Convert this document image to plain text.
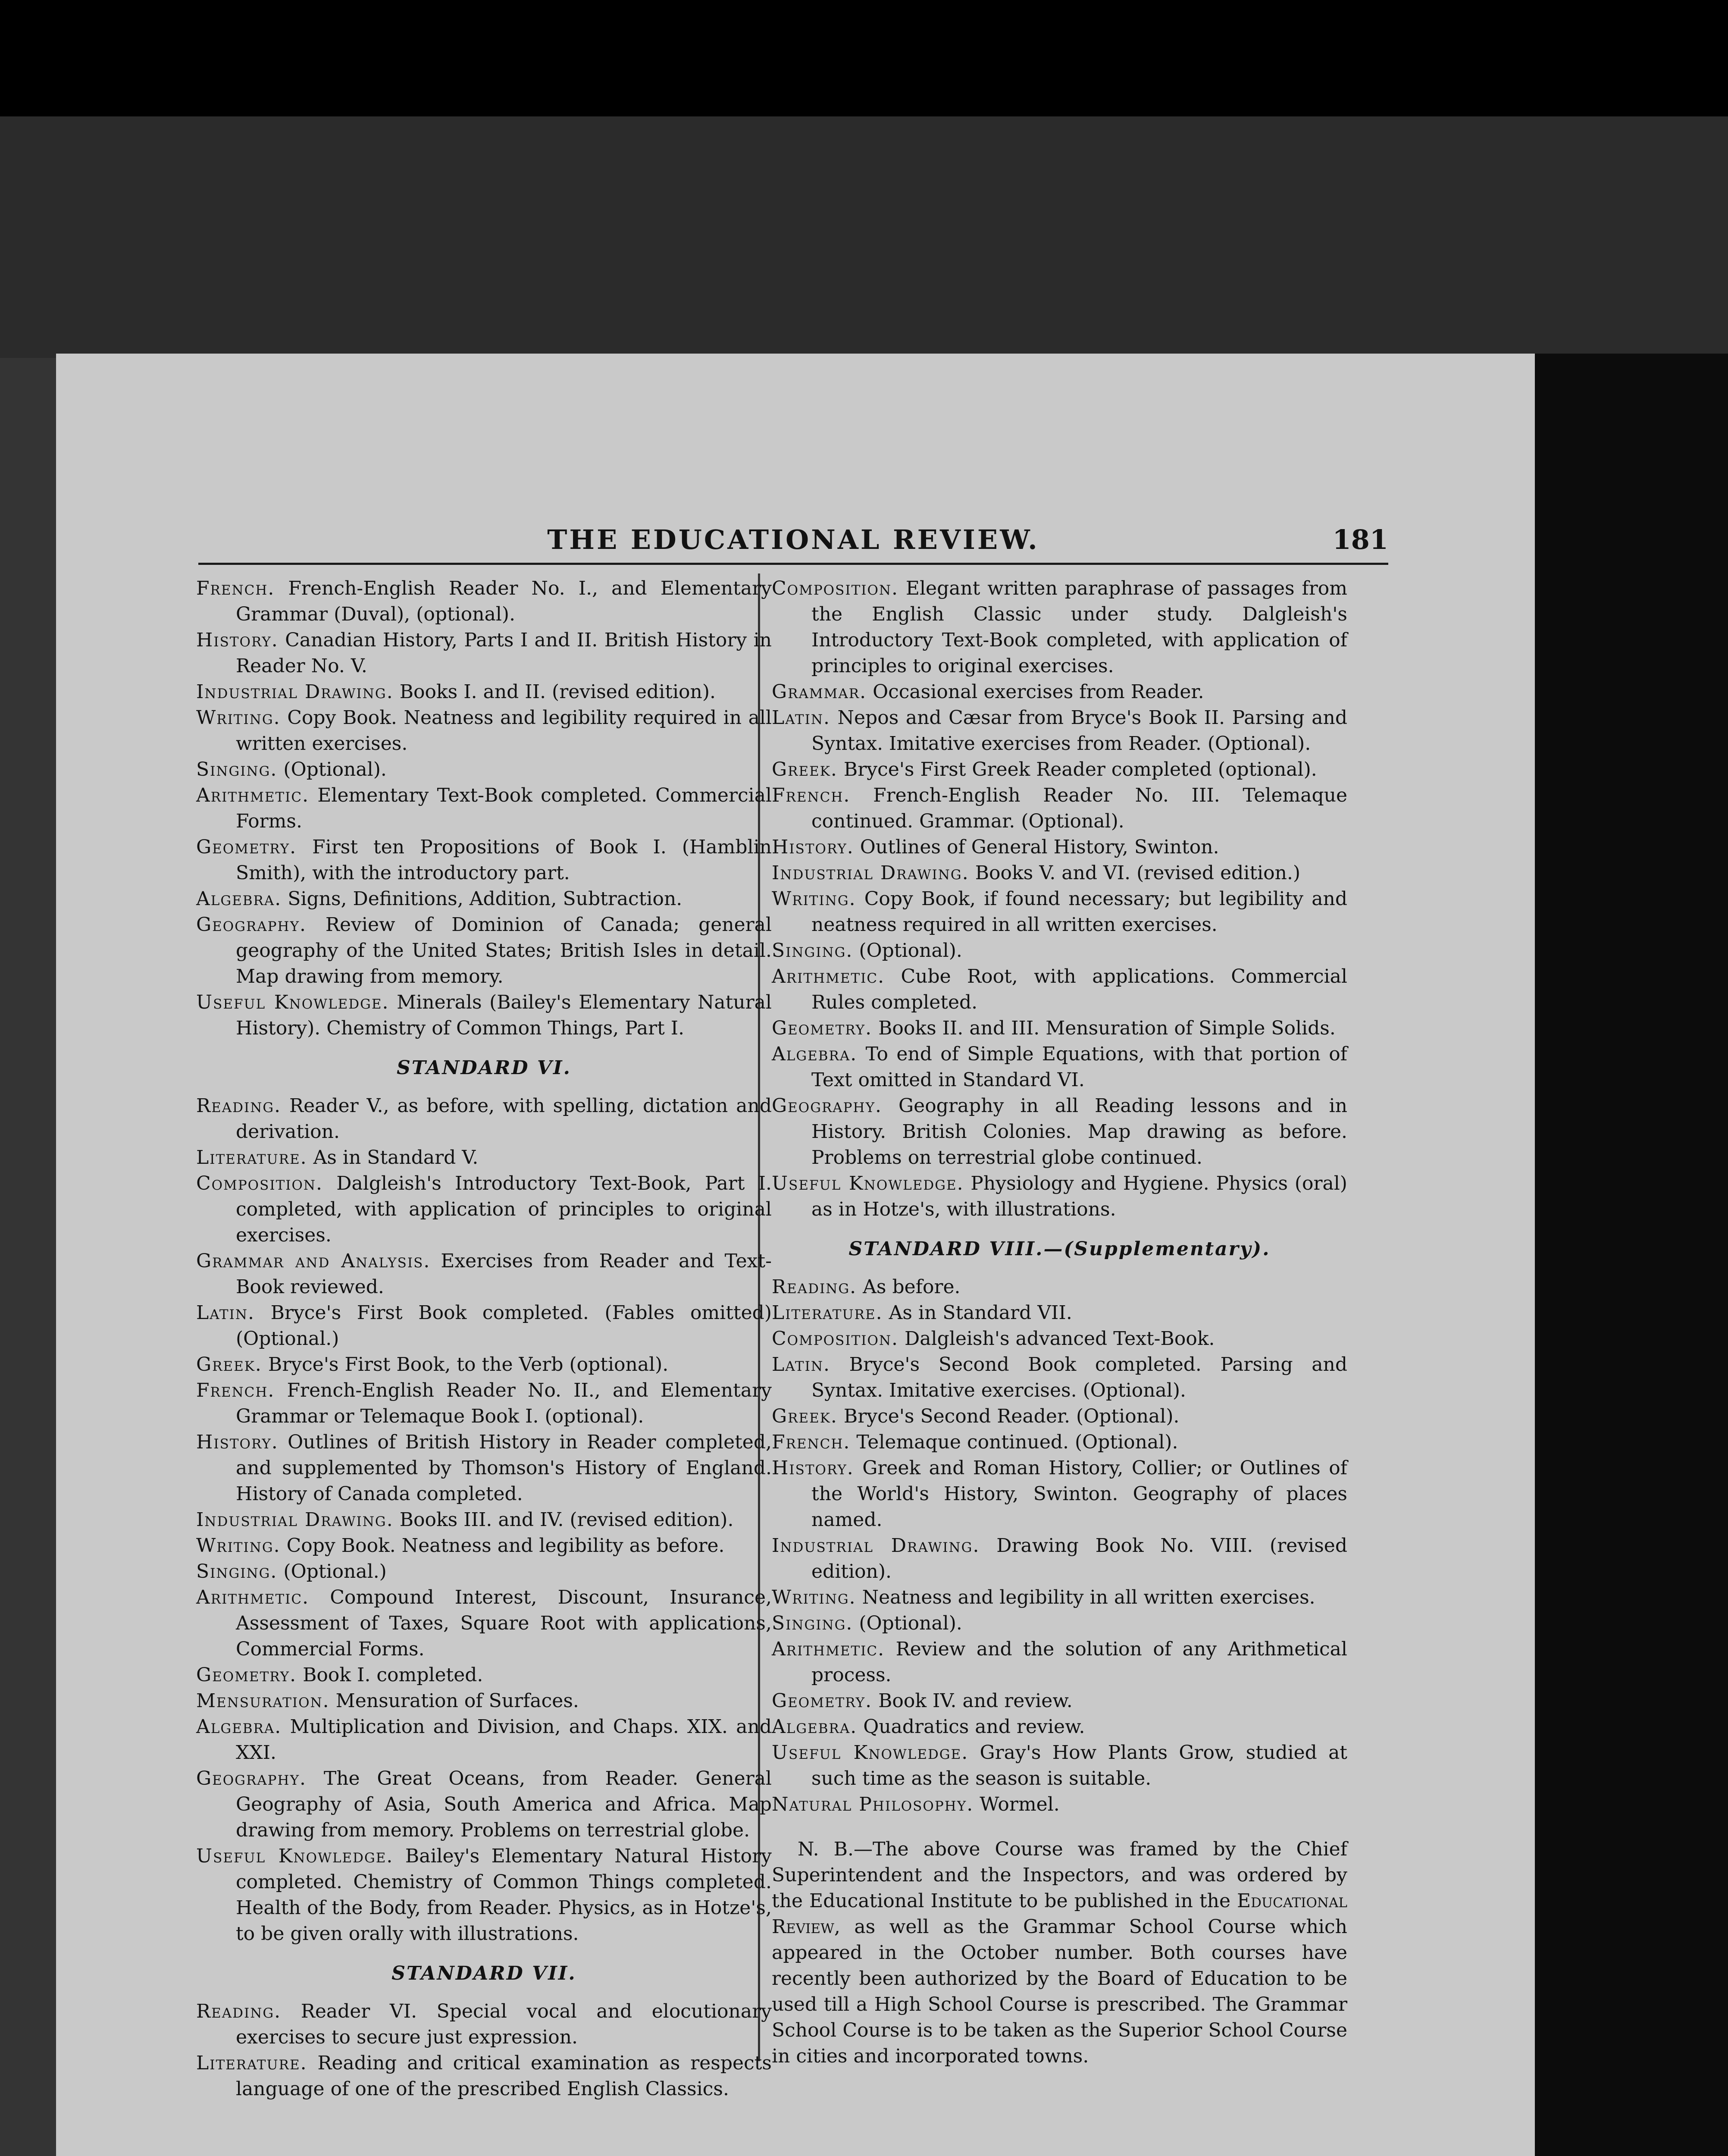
THE EDUCATIONAL REVIEW.	181

French. French-English Reader No. I., and Elementary Grammar (Duval), (optional).

History. Canadian History, Parts I and II. British History in Reader No. V.

Industrial Drawing. Books I. and II. (revised edition).

Writing. Copy Book. Neatness and legibility required in all written exercises.

Singing. (Optional).

Arithmetic. Elementary Text-Book completed. Commercial Forms.

Geometry. First ten Propositions of Book I. (Hamblin Smith), with the introductory part.

Algebra. Signs, Definitions, Addition, Subtraction.

Geography. Review of Dominion of Canada; general geography of the United States; British Isles in detail. Map drawing from memory.

Useful Knowledge. Minerals (Bailey's Elementary Natural History). Chemistry of Common Things, Part I.

STANDARD VI.

Reading. Reader V., as before, with spelling, dictation and derivation.

Literature. As in Standard V.

Composition. Dalgleish's Introductory Text-Book, Part I. completed, with application of principles to original exercises.

Grammar and Analysis. Exercises from Reader and Text-Book reviewed.

Latin. Bryce's First Book completed. (Fables omitted) (Optional.)

Greek. Bryce's First Book, to the Verb (optional).

French. French-English Reader No. II., and Elementary Grammar or Telemaque Book I. (optional).

History. Outlines of British History in Reader completed, and supplemented by Thomson's History of England. History of Canada completed.

Industrial Drawing. Books III. and IV. (revised edition).

Writing. Copy Book. Neatness and legibility as before.

Singing. (Optional.)

Arithmetic. Compound Interest, Discount, Insurance, Assessment of Taxes, Square Root with applications, Commercial Forms.

Geometry. Book I. completed.

Mensuration. Mensuration of Surfaces.

Algebra. Multiplication and Division, and Chaps. XIX. and XXI.

Geography. The Great Oceans, from Reader. General Geography of Asia, South America and Africa. Map drawing from memory. Problems on terrestrial globe.

Useful Knowledge. Bailey's Elementary Natural History completed. Chemistry of Common Things completed. Health of the Body, from Reader. Physics, as in Hotze's, to be given orally with illustrations.

STANDARD VII.

Reading. Reader VI. Special vocal and elocutionary exercises to secure just expression.

Literature. Reading and critical examination as respects language of one of the prescribed English Classics.

Composition. Elegant written paraphrase of passages from the English Classic under study. Dalgleish's Introductory Text-Book completed, with application of principles to original exercises.

Grammar. Occasional exercises from Reader.

Latin. Nepos and Cæsar from Bryce's Book II. Parsing and Syntax. Imitative exercises from Reader. (Optional).

Greek. Bryce's First Greek Reader completed (optional).

French. French-English Reader No. III. Telemaque continued. Grammar. (Optional).

History. Outlines of General History, Swinton.

Industrial Drawing. Books V. and VI. (revised edition.)

Writing. Copy Book, if found necessary; but legibility and neatness required in all written exercises.

Singing. (Optional).

Arithmetic. Cube Root, with applications. Commercial Rules completed.

Geometry. Books II. and III. Mensuration of Simple Solids.

Algebra. To end of Simple Equations, with that portion of Text omitted in Standard VI.

Geography. Geography in all Reading lessons and in History. British Colonies. Map drawing as before. Problems on terrestrial globe continued.

Useful Knowledge. Physiology and Hygiene. Physics (oral) as in Hotze's, with illustrations.

STANDARD VIII.—(Supplementary).

Reading. As before.

Literature. As in Standard VII.

Composition. Dalgleish's advanced Text-Book.

Latin. Bryce's Second Book completed. Parsing and Syntax. Imitative exercises. (Optional).

Greek. Bryce's Second Reader. (Optional).

French. Telemaque continued. (Optional).

History. Greek and Roman History, Collier; or Outlines of the World's History, Swinton. Geography of places named.

Industrial Drawing. Drawing Book No. VIII. (revised edition).

Writing. Neatness and legibility in all written exercises.

Singing. (Optional).

Arithmetic. Review and the solution of any Arithmetical process.

Geometry. Book IV. and review.

Algebra. Quadratics and review.

Useful Knowledge. Gray's How Plants Grow, studied at such time as the season is suitable.

Natural Philosophy. Wormel.

N. B.—The above Course was framed by the Chief Superintendent and the Inspectors, and was ordered by the Educational Institute to be published in the Educational Review, as well as the Grammar School Course which appeared in the October number. Both courses have recently been authorized by the Board of Education to be used till a High School Course is prescribed. The Grammar School Course is to be taken as the Superior School Course in cities and incorporated towns.
